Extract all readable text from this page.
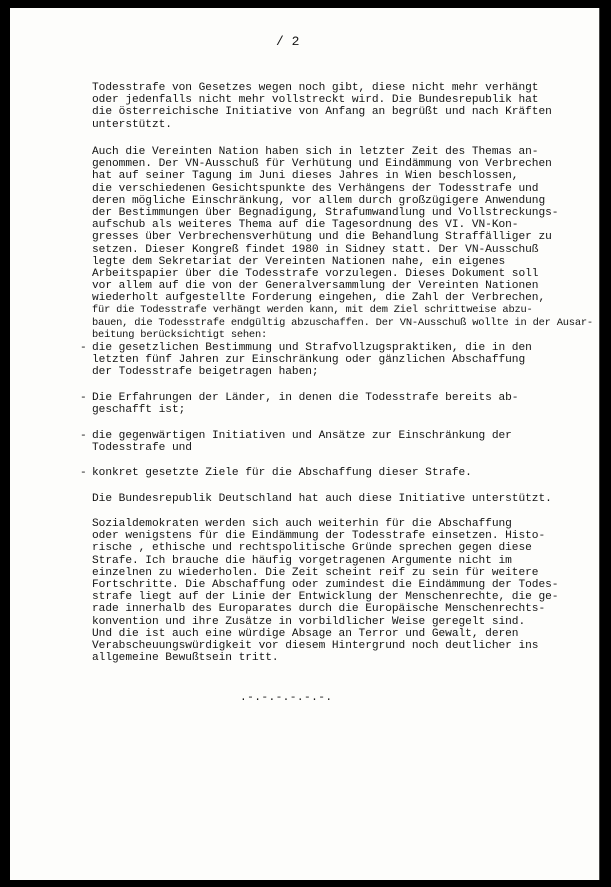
/ 2
Todesstrafe von Gesetzes wegen noch gibt, diese nicht mehr verhängt
oder jedenfalls nicht mehr vollstreckt wird. Die Bundesrepublik hat
die österreichische Initiative von Anfang an begrüßt und nach Kräften
unterstützt.
Auch die Vereinten Nation haben sich in letzter Zeit des Themas an-
genommen. Der VN-Ausschuß für Verhütung und Eindämmung von Verbrechen
hat auf seiner Tagung im Juni dieses Jahres in Wien beschlossen,
die verschiedenen Gesichtspunkte des Verhängens der Todesstrafe und
deren mögliche Einschränkung, vor allem durch großzügigere Anwendung
der Bestimmungen über Begnadigung, Strafumwandlung und Vollstreckungs-
aufschub als weiteres Thema auf die Tagesordnung des VI. VN-Kon-
gresses über Verbrechensverhütung und die Behandlung Straffälliger zu
setzen. Dieser Kongreß findet 1980 in Sidney statt. Der VN-Ausschuß
legte dem Sekretariat der Vereinten Nationen nahe, ein eigenes
Arbeitspapier über die Todesstrafe vorzulegen. Dieses Dokument soll
vor allem auf die von der Generalversammlung der Vereinten Nationen
wiederholt aufgestellte Forderung eingehen, die Zahl der Verbrechen,
für die Todesstrafe verhängt werden kann, mit dem Ziel schrittweise abzu-
bauen, die Todesstrafe endgültig abzuschaffen. Der VN-Ausschuß wollte in der Ausar-
beitung berücksichtigt sehen:
- die gesetzlichen Bestimmung und Strafvollzugspraktiken, die in den
letzten fünf Jahren zur Einschränkung oder gänzlichen Abschaffung
der Todesstrafe beigetragen haben;
- Die Erfahrungen der Länder, in denen die Todesstrafe bereits ab-
geschafft ist;
- die gegenwärtigen Initiativen und Ansätze zur Einschränkung der
Todesstrafe und
- konkret gesetzte Ziele für die Abschaffung dieser Strafe.
Die Bundesrepublik Deutschland hat auch diese Initiative unterstützt.
Sozialdemokraten werden sich auch weiterhin für die Abschaffung
oder wenigstens für die Eindämmung der Todesstrafe einsetzen. Histo-
rische , ethische und rechtspolitische Gründe sprechen gegen diese
Strafe. Ich brauche die häufig vorgetragenen Argumente nicht im
einzelnen zu wiederholen. Die Zeit scheint reif zu sein für weitere
Fortschritte. Die Abschaffung oder zumindest die Eindämmung der Todes-
strafe liegt auf der Linie der Entwicklung der Menschenrechte, die ge-
rade innerhalb des Europarates durch die Europäische Menschenrechts-
konvention und ihre Zusätze in vorbildlicher Weise geregelt sind.
Und die ist auch eine würdige Absage an Terror und Gewalt, deren
Verabscheuungswürdigkeit vor diesem Hintergrund noch deutlicher ins
allgemeine Bewußtsein tritt.
.-.-.-.-.-.-.
